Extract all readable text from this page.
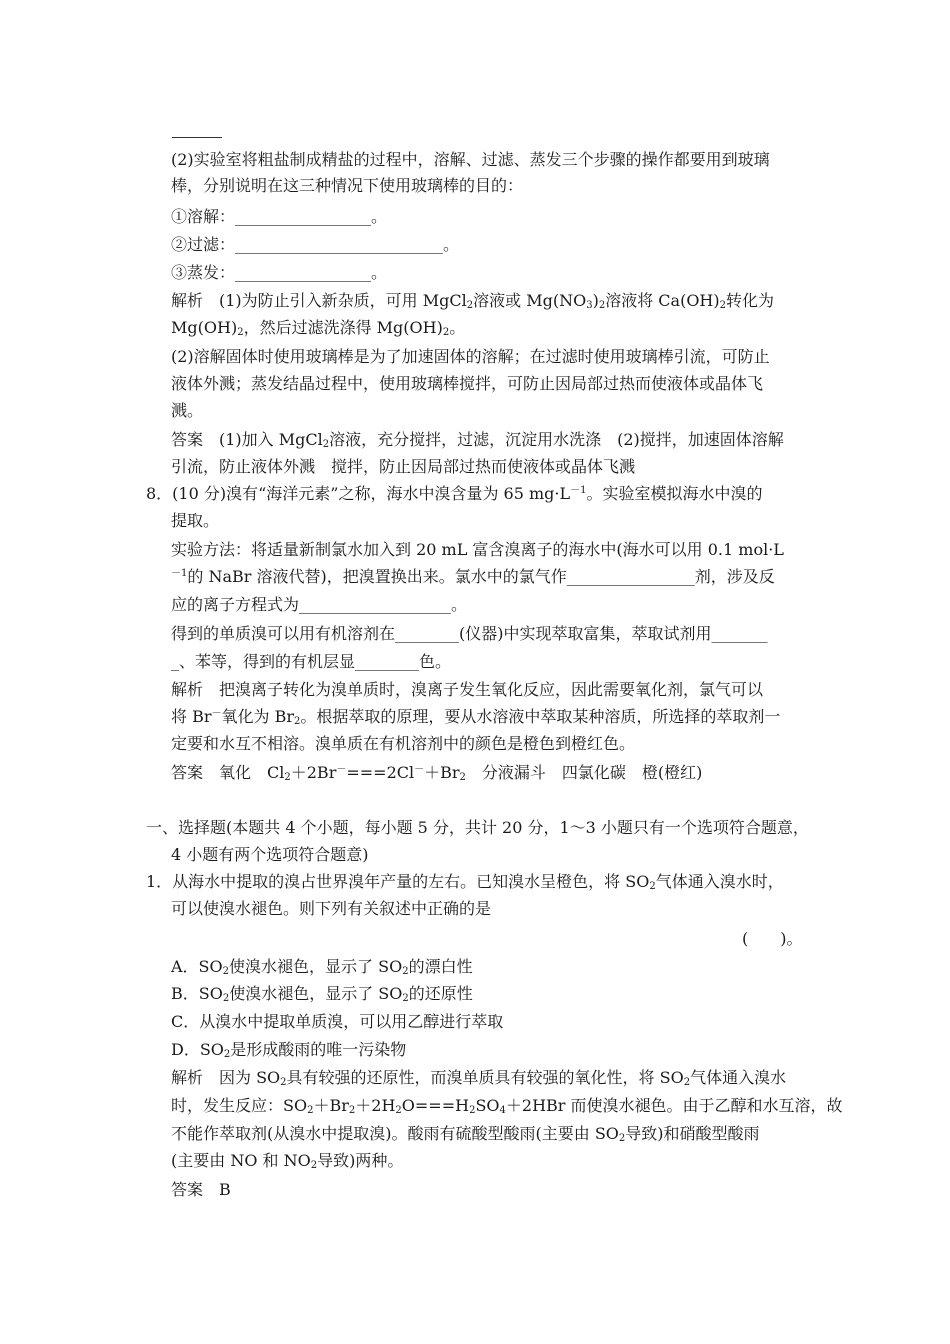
(2)实验室将粗盐制成精盐的过程中，溶解、过滤、蒸发三个步骤的操作都要用到玻璃
棒，分别说明在这三种情况下使用玻璃棒的目的：
①溶解：_________________。
②过滤：__________________________。
③蒸发：_________________。
解析　(1)为防止引入新杂质，可用 MgCl$_2$溶液或 $Mg(NO_3)_2$溶液将 $Ca(OH)_2$转化为
$Mg(OH)_2$，然后过滤洗涤得 $Mg(OH)_2$。
(2)溶解固体时使用玻璃棒是为了加速固体的溶解；在过滤时使用玻璃棒引流，可防止
液体外溅；蒸发结晶过程中，使用玻璃棒搅拌，可防止因局部过热而使液体或晶体飞
溅。
答案　(1)加入 MgCl$_2$溶液，充分搅拌，过滤，沉淀用水洗涤　(2)搅拌，加速固体溶解
引流，防止液体外溅　搅拌，防止因局部过热而使液体或晶体飞溅
8．(10 分)溴有“海洋元素”之称，海水中溴含量为 65 $mg\cdot L^{-1}$。实验室模拟海水中溴的
提取。
实验方法：将适量新制氯水加入到 20 mL 富含溴离子的海水中(海水可以用 0.1 mol·L
$^{-1}$的 NaBr 溶液代替)，把溴置换出来。氯水中的氯气作________________剂，涉及反
应的离子方程式为___________________。
得到的单质溴可以用有机溶剂在________(仪器)中实现萃取富集，萃取试剂用_______
_、苯等，得到的有机层显________色。
解析　把溴离子转化为溴单质时，溴离子发生氧化反应，因此需要氧化剂，氯气可以
将 Br－氧化为 $Br_2$。根据萃取的原理，要从水溶液中萃取某种溶质，所选择的萃取剂一
定要和水互不相溶。溴单质在有机溶剂中的颜色是橙色到橙红色。
答案　氧化　$Cl_2+2Br^-===2Cl^-+Br_2$　分液漏斗　四氯化碳　橙(橙红)
一、选择题(本题共 4 个小题，每小题 5 分，共计 20 分，1～3 小题只有一个选项符合题意，
4 小题有两个选项符合题意)
1．从海水中提取的溴占世界溴年产量的左右。已知溴水呈橙色，将 $SO_2$气体通入溴水时，
可以使溴水褪色。则下列有关叙述中正确的是
(　　)。
A．$SO_2$使溴水褪色，显示了 $SO_2$的漂白性
B．$SO_2$使溴水褪色，显示了 $SO_2$的还原性
C．从溴水中提取单质溴，可以用乙醇进行萃取
D．$SO_2$是形成酸雨的唯一污染物
解析　因为 $SO_2$具有较强的还原性，而溴单质具有较强的氧化性，将 $SO_2$气体通入溴水
时，发生反应：$SO_2+Br_2+2H_2O===H_2SO_4+2HBr$ 而使溴水褪色。由于乙醇和水互溶，故
不能作萃取剂(从溴水中提取溴)。酸雨有硫酸型酸雨(主要由 $SO_2$导致)和硝酸型酸雨
(主要由 NO 和 $NO_2$导致)两种。
答案　B
